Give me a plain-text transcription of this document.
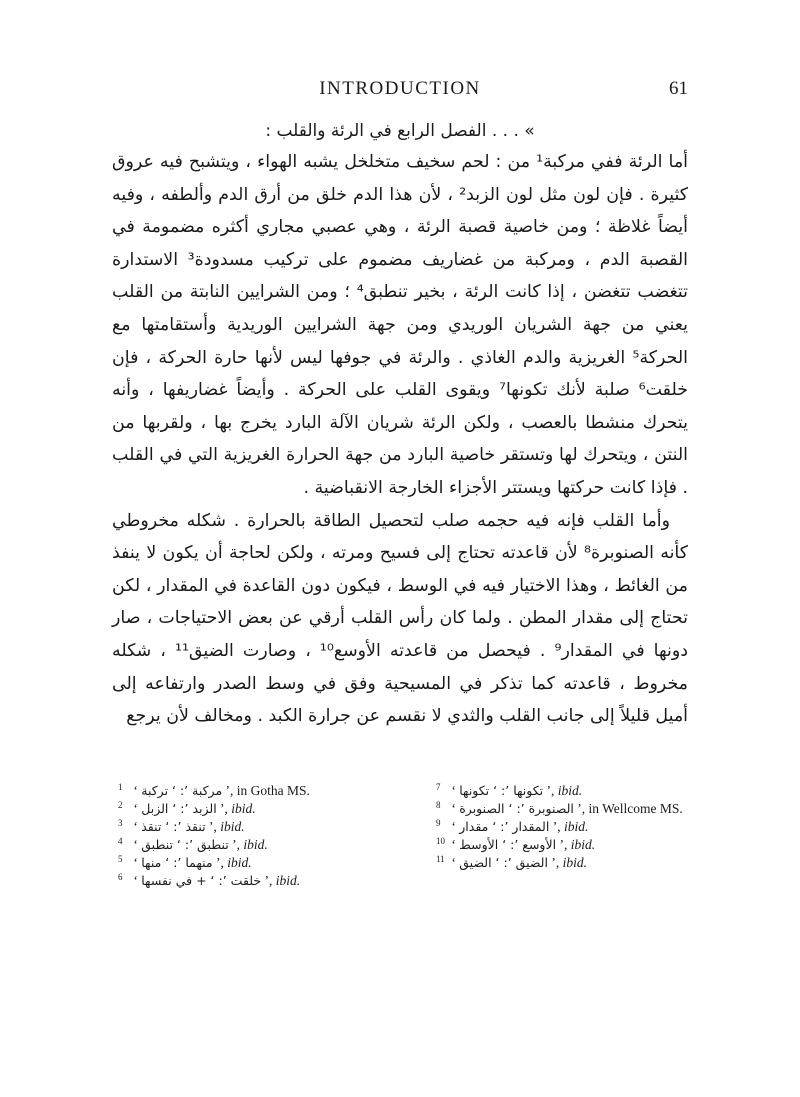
INTRODUCTION	61
» . . . الفصل الرابع في الرئة والقلب :

أما الرئة ففي مركبة¹ من : لحم سخيف متخلخل يشبه الهواء ، ويتشبح فيه عروق كثيرة . فإن لون مثل لون الزبد² ، لأن هذا الدم خلق من أرق الدم وألطفه ، وفيه أيضاً غلاظة ؛ ومن خاصية قصبة الرئة ، وهي عصبي مجاري أكثره مضمومة في القصبة الدم ، ومركبة من غضاريف مضموم على تركيب مسدودة³ الاستدارة تتغضب تتغضن ، إذا كانت الرئة ، بخير تنطبق⁴ ؛ ومن الشرايين النابتة من القلب يعني من جهة الشريان الوريدي ومن جهة الشرايين الوريدية وأستقامتها مع الحركة⁵ الغريزية والدم الغاذي . والرئة في جوفها ليس لأنها حارة الحركة ، فإن خلقت⁶ صلبة لأنك تكونها⁷ ويقوى القلب على الحركة . وأيضاً غضاريفها ، وأنه يتحرك منشطا بالعصب ، ولكن الرئة شريان الآلة البارد يخرج بها ، ولقربها من النتن ، ويتحرك لها وتستقر خاصية البارد من جهة الحرارة الغريزية التي في القلب . فإذا كانت حركتها ويستتر الأجزاء الخارجة الانقباضية .

وأما القلب فإنه فيه حجمه صلب لتحصيل الطاقة بالحرارة . شكله مخروطي كأنه الصنوبرة⁸ لأن قاعدته تحتاج إلى فسيح ومرته ، ولكن لحاجة أن يكون لا ينفذ من الغائط ، وهذا الاختيار فيه في الوسط ، فيكون دون القاعدة في المقدار ، لكن تحتاج إلى مقدار المطن . ولما كان رأس القلب أرقي عن بعض الاحتياجات ، صار دونها في المقدار⁹ . فيحصل من قاعدته الأوسع¹⁰ ، وصارت الضيق¹¹ ، شكله مخروط ، قاعدته كما تذكر في المسيحية وفق في وسط الصدر وارتفاعه إلى أميل قليلاً إلى جانب القلب والثدي لا نقسم عن جرارة الكبد . ومخالف لأن يرجع

1 ‘ مركبة ’: ‘ تركبة ’, in Gotha MS.
2 ‘ الزبد ’: ‘ الزبل ’, ibid.
3 ‘ تنقذ ’: ‘ تنقذ ’, ibid.
4 ‘ تنطبق ’: ‘ تنطبق ’, ibid.
5 ‘ منهما ’: ‘ منها ’, ibid.
6 ‘ خلقت ’: ‘ + في نفسها ’, ibid.
7 ‘ تكونها ’: ‘ تكونها ’, ibid.
8 ‘ الصنوبرة ’: ‘ الصنوبرة ’, in Wellcome MS.
9 ‘ المقدار ’: ‘ مقدار ’, ibid.
10 ‘ الأوسع ’: ‘ الأوسط ’, ibid.
11 ‘ الضيق ’: ‘ الضيق ’, ibid.
